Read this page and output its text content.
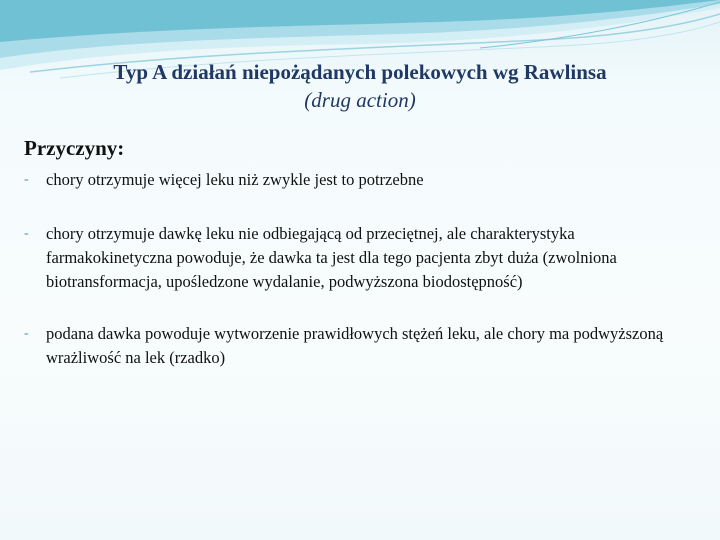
Typ A działań niepożądanych polekowych wg Rawlinsa
(drug action)
Przyczyny:
- chory otrzymuje więcej leku niż zwykle jest to potrzebne
- chory otrzymuje dawkę leku nie odbiegającą od przeciętnej, ale charakterystyka farmakokinetyczna powoduje, że dawka ta jest dla tego pacjenta zbyt duża (zwolniona biotransformacja, upośledzone wydalanie, podwyższona biodostępność)
- podana dawka powoduje wytworzenie prawidłowych stężeń leku, ale chory ma podwyższoną wrażliwość na lek (rzadko)
